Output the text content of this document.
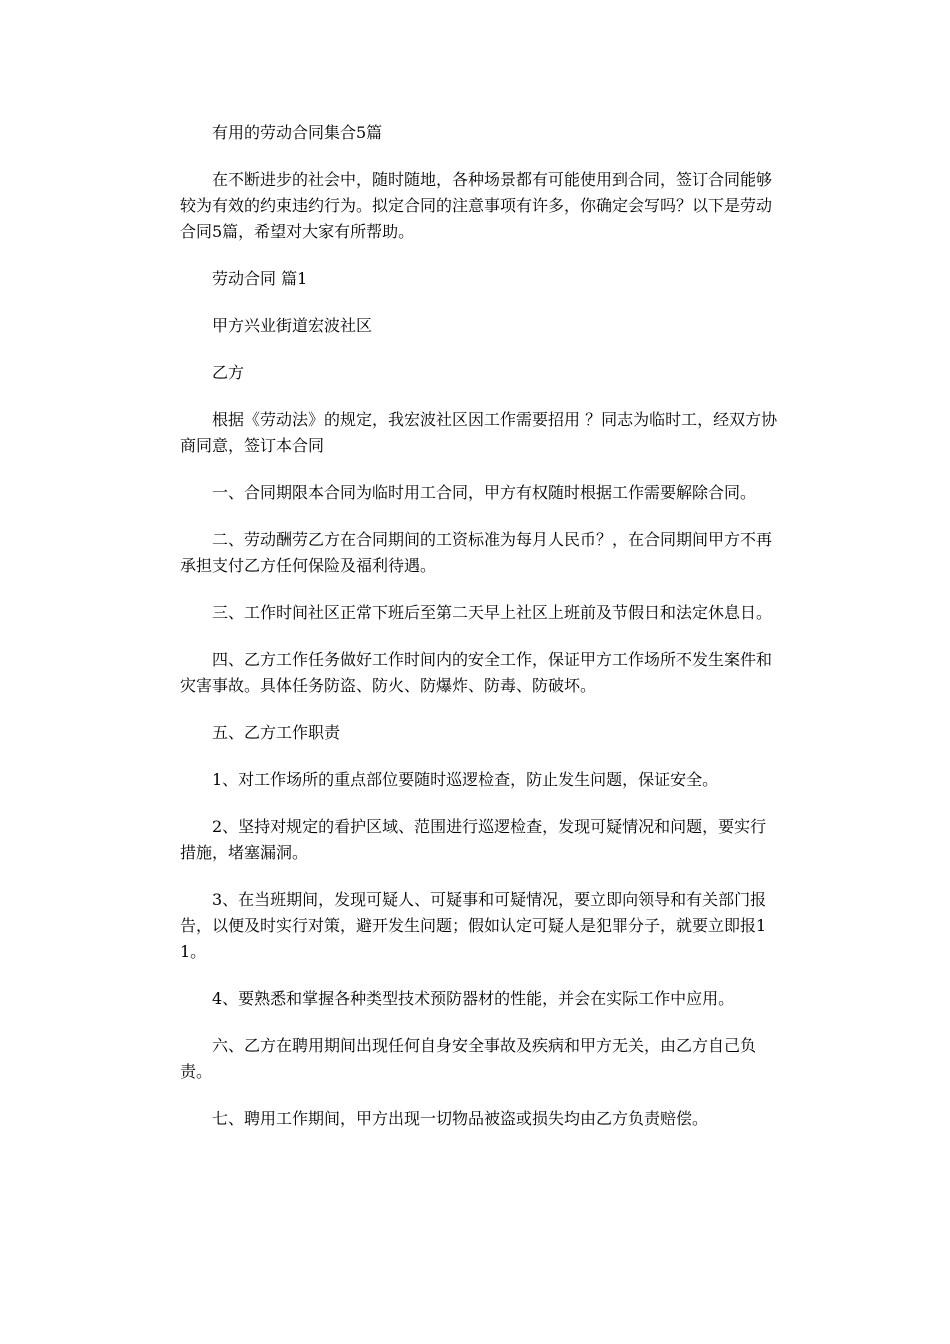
有用的劳动合同集合5篇

在不断进步的社会中，随时随地，各种场景都有可能使用到合同，签订合同能够较为有效的约束违约行为。拟定合同的注意事项有许多，你确定会写吗？以下是劳动合同5篇，希望对大家有所帮助。

劳动合同 篇1

甲方兴业街道宏波社区

乙方

根据《劳动法》的规定，我宏波社区因工作需要招用 ？同志为临时工，经双方协商同意，签订本合同

一、合同期限本合同为临时用工合同，甲方有权随时根据工作需要解除合同。

二、劳动酬劳乙方在合同期间的工资标准为每月人民币？，在合同期间甲方不再承担支付乙方任何保险及福利待遇。

三、工作时间社区正常下班后至第二天早上社区上班前及节假日和法定休息日。

四、乙方工作任务做好工作时间内的安全工作，保证甲方工作场所不发生案件和灾害事故。具体任务防盗、防火、防爆炸、防毒、防破坏。

五、乙方工作职责

1、对工作场所的重点部位要随时巡逻检查，防止发生问题，保证安全。

2、坚持对规定的看护区域、范围进行巡逻检查，发现可疑情况和问题，要实行措施，堵塞漏洞。

3、在当班期间，发现可疑人、可疑事和可疑情况，要立即向领导和有关部门报告，以便及时实行对策，避开发生问题；假如认定可疑人是犯罪分子，就要立即报11。

4、要熟悉和掌握各种类型技术预防器材的性能，并会在实际工作中应用。

六、乙方在聘用期间出现任何自身安全事故及疾病和甲方无关，由乙方自己负责。

七、聘用工作期间，甲方出现一切物品被盗或损失均由乙方负责赔偿。
